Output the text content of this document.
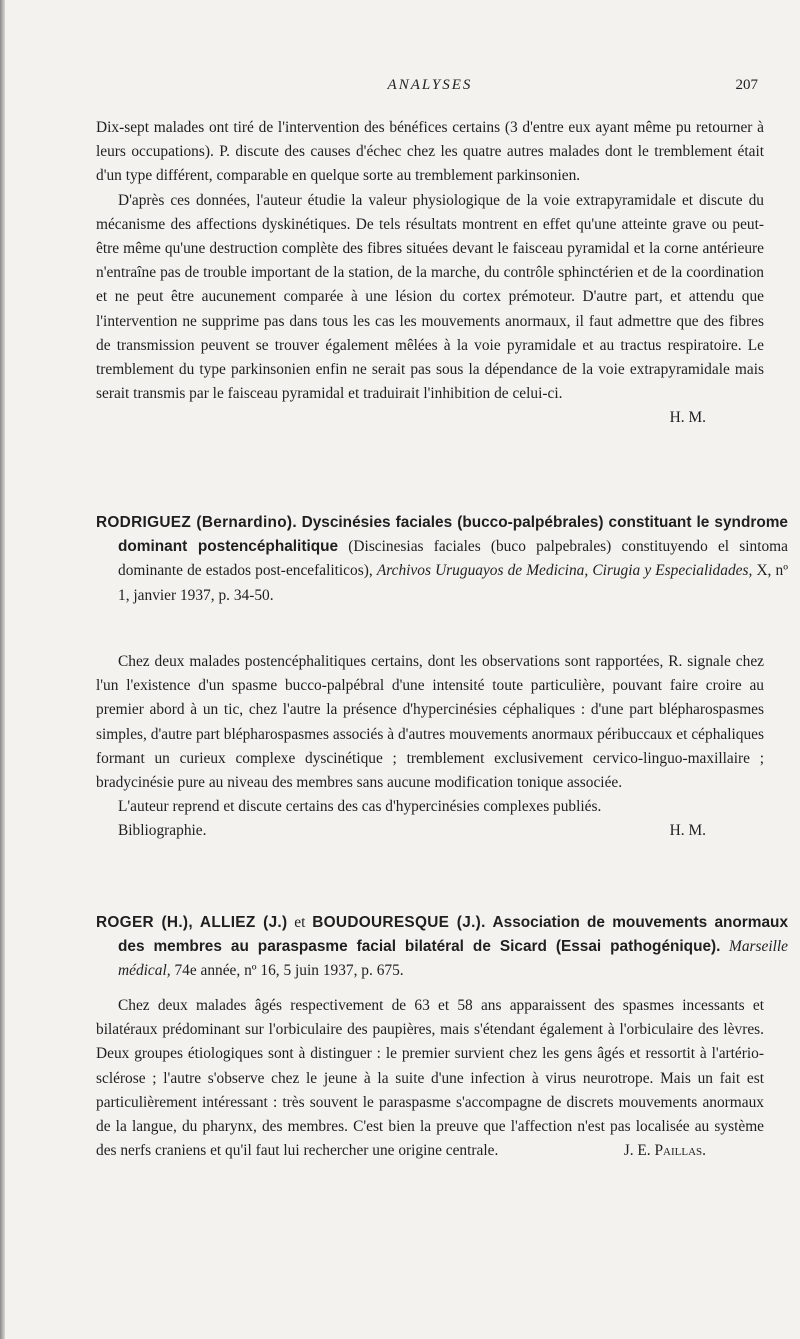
ANALYSES	207

Dix-sept malades ont tiré de l'intervention des bénéfices certains (3 d'entre eux ayant même pu retourner à leurs occupations). P. discute des causes d'échec chez les quatre autres malades dont le tremblement était d'un type différent, comparable en quelque sorte au tremblement parkinsonien.

D'après ces données, l'auteur étudie la valeur physiologique de la voie extrapyramidale et discute du mécanisme des affections dyskinétiques. De tels résultats montrent en effet qu'une atteinte grave ou peut-être même qu'une destruction complète des fibres situées devant le faisceau pyramidal et la corne antérieure n'entraîne pas de trouble important de la station, de la marche, du contrôle sphinctérien et de la coordination et ne peut être aucunement comparée à une lésion du cortex prémoteur. D'autre part, et attendu que l'intervention ne supprime pas dans tous les cas les mouvements anormaux, il faut admettre que des fibres de transmission peuvent se trouver également mêlées à la voie pyramidale et au tractus respiratoire. Le tremblement du type parkinsonien enfin ne serait pas sous la dépendance de la voie extrapyramidale mais serait transmis par le faisceau pyramidal et traduirait l'inhibition de celui-ci.

H. M.

RODRIGUEZ (Bernardino). Dyscinésies faciales (bucco-palpébrales) constituant le syndrome dominant postencéphalitique (Discinesias faciales (buco palpebrales) constituyendo el sintoma dominante de estados post-encefaliticos), Archivos Uruguayos de Medicina, Cirugia y Especialidades, X, nº 1, janvier 1937, p. 34-50.

Chez deux malades postencéphalitiques certains, dont les observations sont rapportées, R. signale chez l'un l'existence d'un spasme bucco-palpébral d'une intensité toute particulière, pouvant faire croire au premier abord à un tic, chez l'autre la présence d'hypercinésies céphaliques : d'une part blépharospasmes simples, d'autre part blépharospasmes associés à d'autres mouvements anormaux péribuccaux et céphaliques formant un curieux complexe dyscinétique ; tremblement exclusivement cervico-linguo-maxillaire ; bradycinésie pure au niveau des membres sans aucune modification tonique associée.

L'auteur reprend et discute certains des cas d'hypercinésies complexes publiés.

Bibliographie.	H. M.
ROGER (H.), ALLIEZ (J.) et BOUDOURESQUE (J.). Association de mouvements anormaux des membres au paraspasme facial bilatéral de Sicard (Essai pathogénique). Marseille médical, 74e année, nº 16, 5 juin 1937, p. 675.

Chez deux malades âgés respectivement de 63 et 58 ans apparaissent des spasmes incessants et bilatéraux prédominant sur l'orbiculaire des paupières, mais s'étendant également à l'orbiculaire des lèvres. Deux groupes étiologiques sont à distinguer : le premier survient chez les gens âgés et ressortit à l'artério-sclérose ; l'autre s'observe chez le jeune à la suite d'une infection à virus neurotrope. Mais un fait est particulièrement intéressant : très souvent le paraspasme s'accompagne de discrets mouvements anormaux de la langue, du pharynx, des membres. C'est bien la preuve que l'affection n'est pas localisée au système des nerfs craniens et qu'il faut lui rechercher une origine centrale.	J. E. Paillas.
